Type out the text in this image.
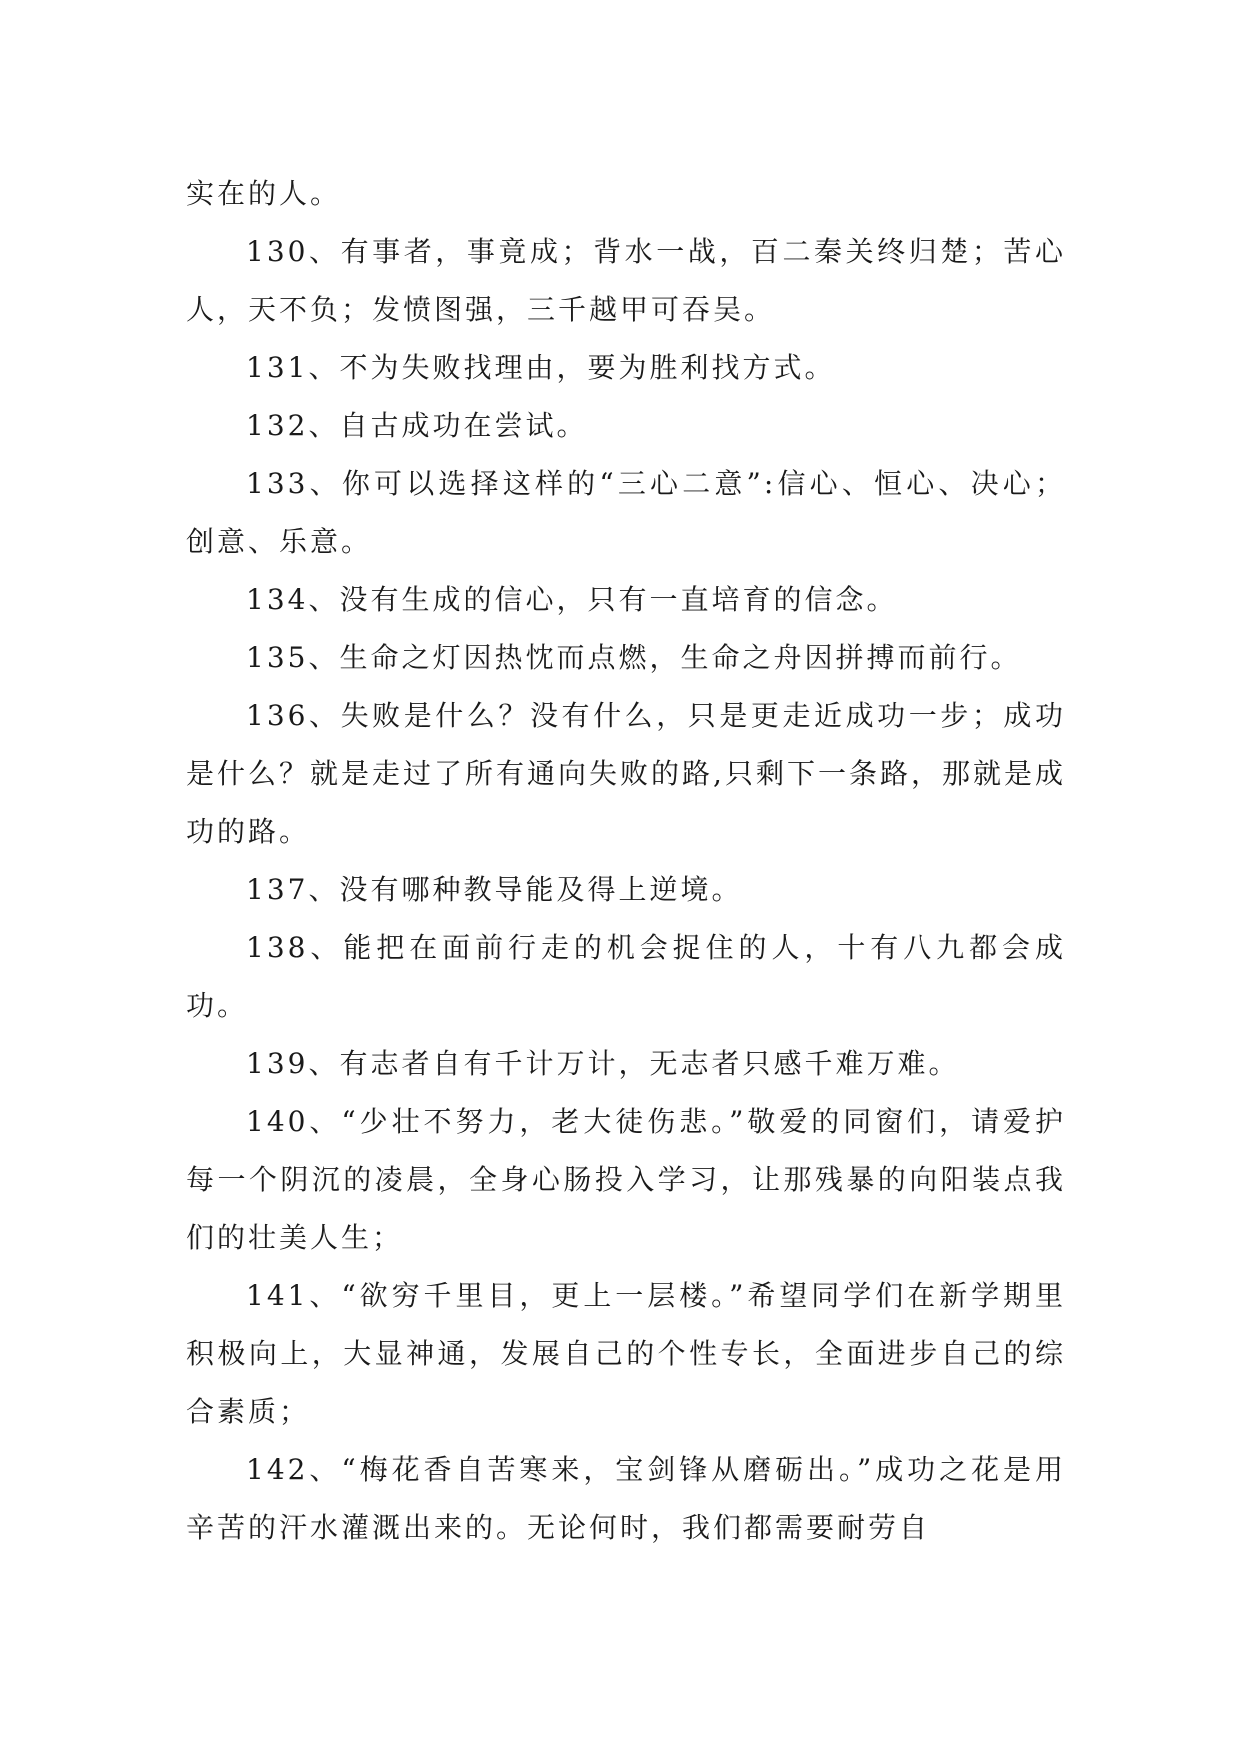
实在的人。

130、有事者，事竟成；背水一战，百二秦关终归楚；苦心人，天不负；发愤图强，三千越甲可吞吴。

131、不为失败找理由，要为胜利找方式。

132、自古成功在尝试。

133、你可以选择这样的“三心二意”:信心、恒心、决心；创意、乐意。

134、没有生成的信心，只有一直培育的信念。

135、生命之灯因热忱而点燃，生命之舟因拼搏而前行。

136、失败是什么？没有什么，只是更走近成功一步；成功是什么？就是走过了所有通向失败的路,只剩下一条路，那就是成功的路。

137、没有哪种教导能及得上逆境。

138、能把在面前行走的机会捉住的人，十有八九都会成功。

139、有志者自有千计万计，无志者只感千难万难。

140、“少壮不努力，老大徒伤悲。”敬爱的同窗们，请爱护每一个阴沉的凌晨，全身心肠投入学习，让那残暴的向阳装点我们的壮美人生；

141、“欲穷千里目，更上一层楼。”希望同学们在新学期里积极向上，大显神通，发展自己的个性专长，全面进步自己的综合素质；

142、“梅花香自苦寒来，宝剑锋从磨砺出。”成功之花是用辛苦的汗水灌溉出来的。无论何时，我们都需要耐劳自
